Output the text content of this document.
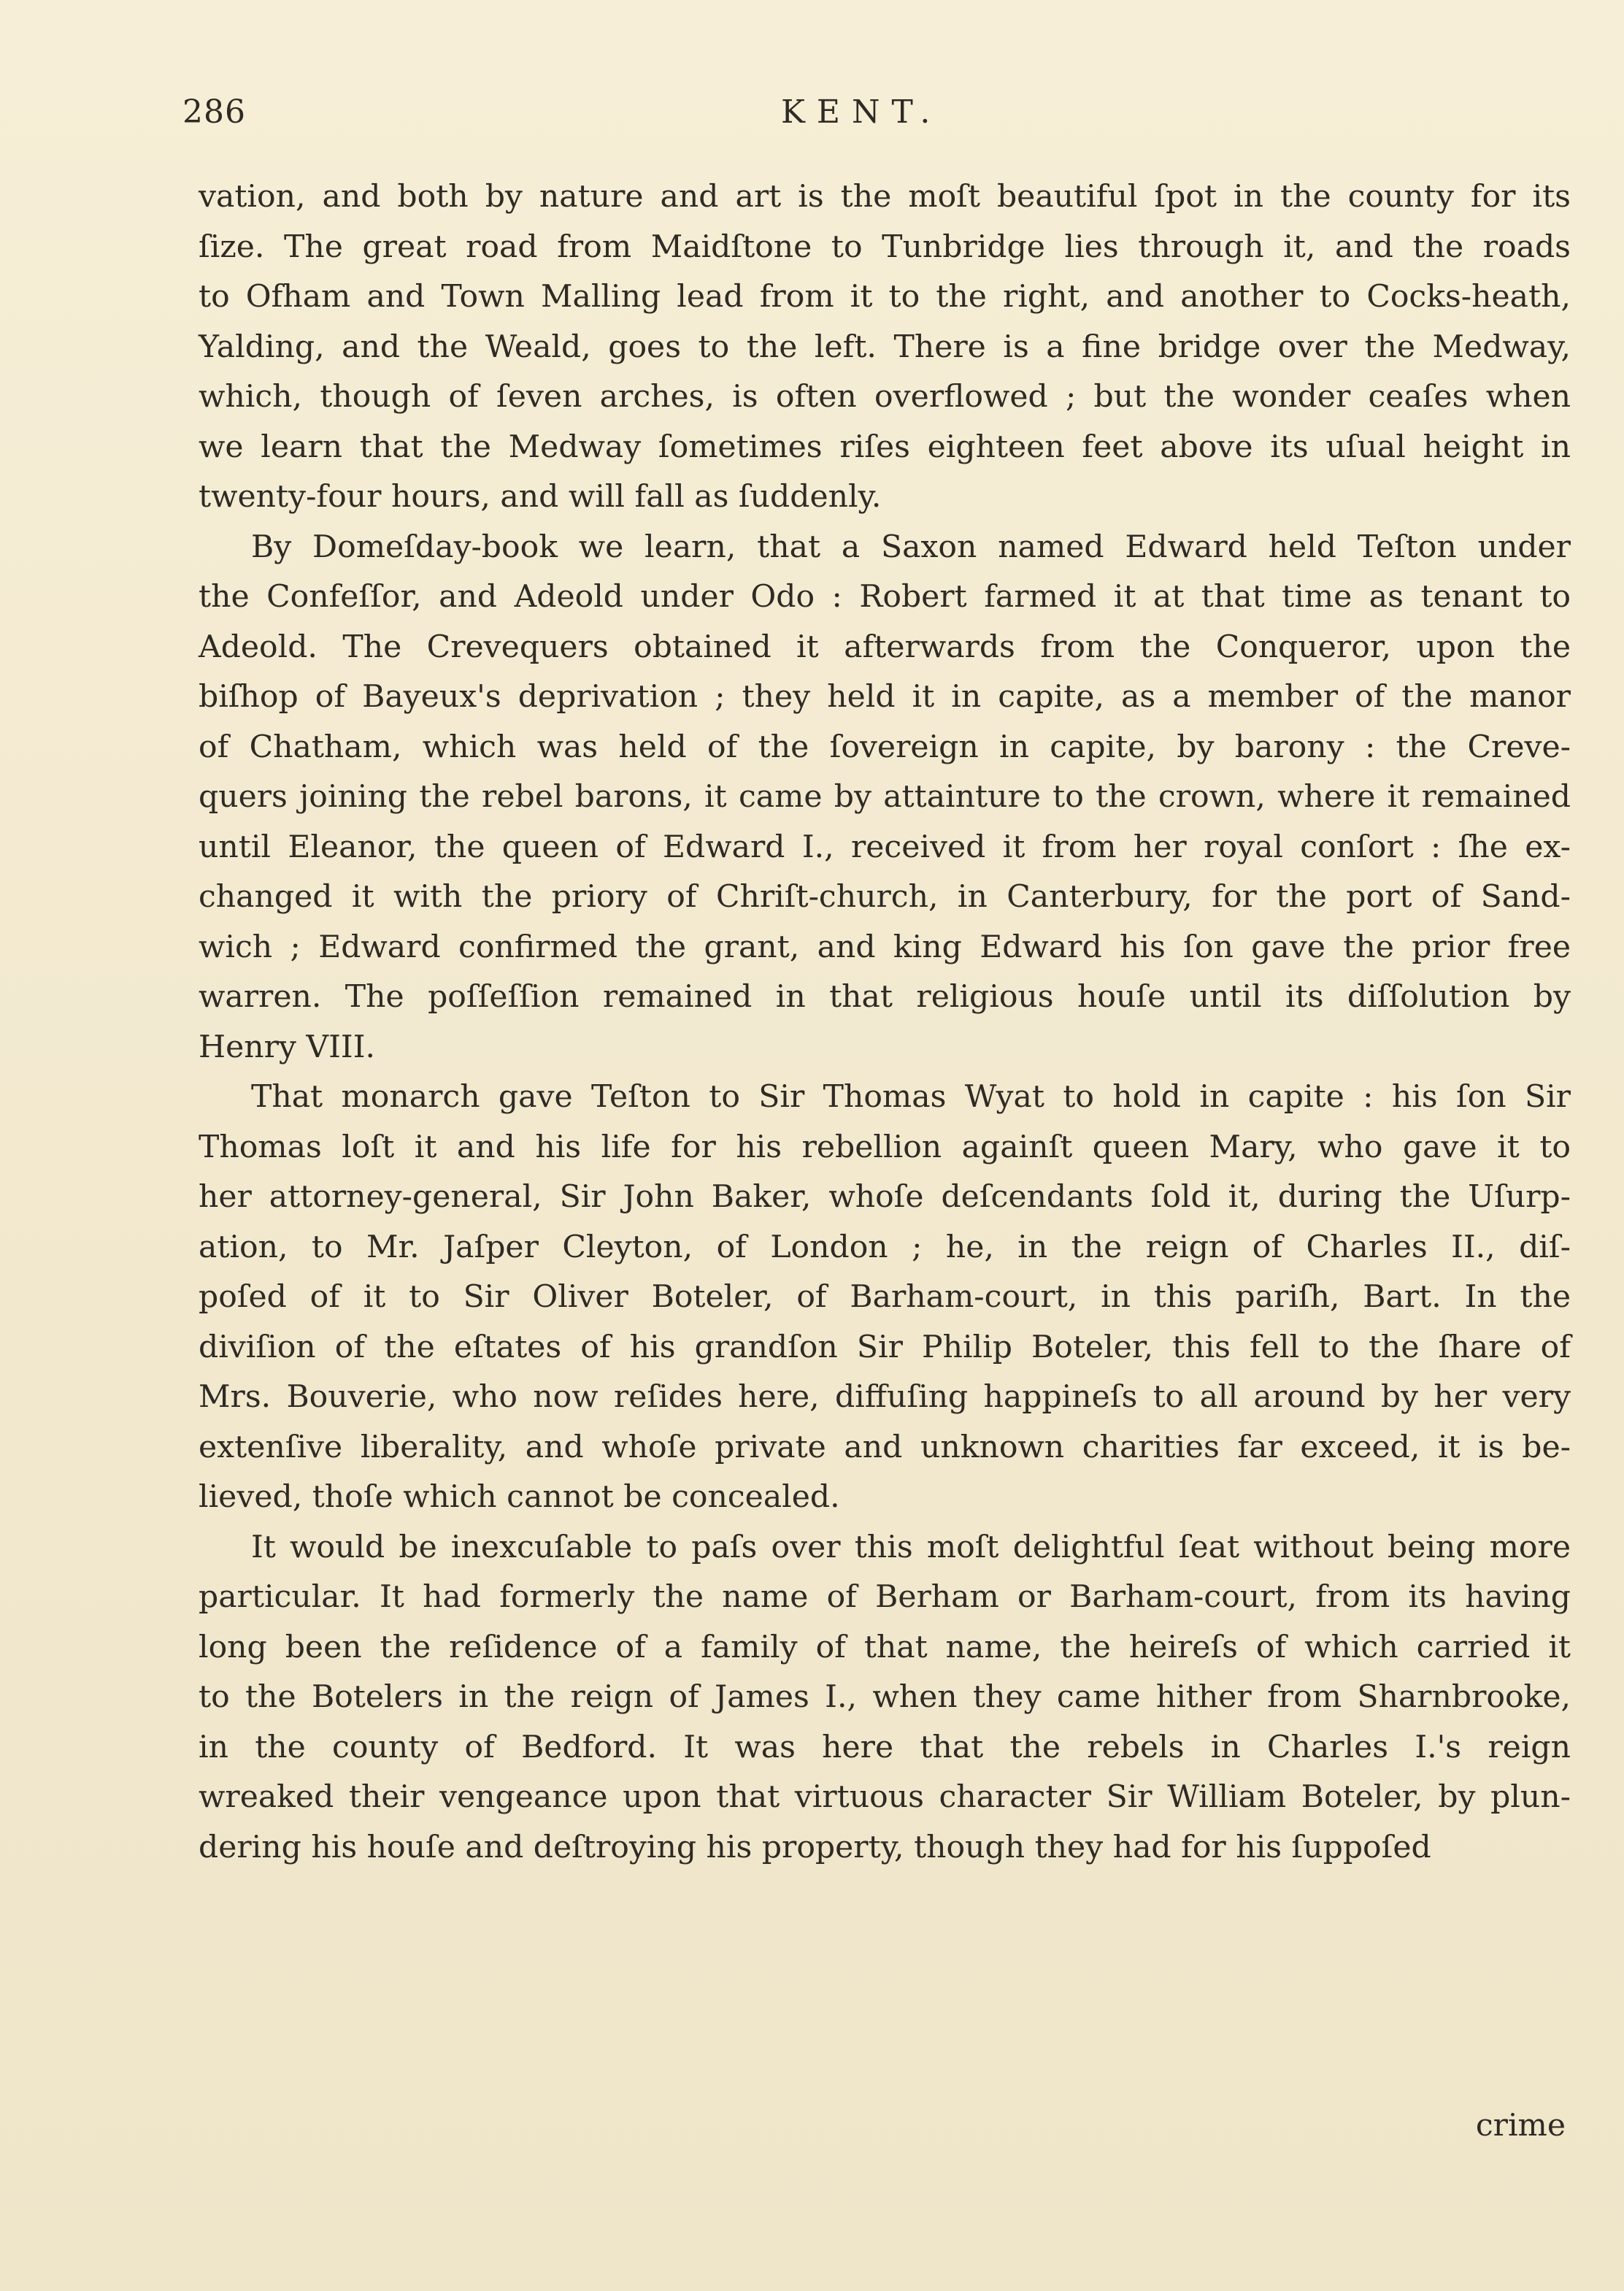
286	KENT.
vation, and both by nature and art is the moſt beautiful ſpot in the county for its
ſize. The great road from Maidſtone to Tunbridge lies through it, and the roads
to Ofham and Town Malling lead from it to the right, and another to Cocks-heath,
Yalding, and the Weald, goes to the left. There is a fine bridge over the Medway,
which, though of ſeven arches, is often overflowed ; but the wonder ceaſes when
we learn that the Medway ſometimes riſes eighteen feet above its uſual height in
twenty-four hours, and will fall as ſuddenly.
By Domeſday-book we learn, that a Saxon named Edward held Teſton under
the Confeſſor, and Adeold under Odo : Robert farmed it at that time as tenant to
Adeold. The Crevequers obtained it afterwards from the Conqueror, upon the
biſhop of Bayeux's deprivation ; they held it in capite, as a member of the manor
of Chatham, which was held of the ſovereign in capite, by barony : the Creve-
quers joining the rebel barons, it came by attainture to the crown, where it remained
until Eleanor, the queen of Edward I., received it from her royal conſort : ſhe ex-
changed it with the priory of Chriſt-church, in Canterbury, for the port of Sand-
wich ; Edward confirmed the grant, and king Edward his ſon gave the prior free
warren. The poſſeſſion remained in that religious houſe until its diſſolution by
Henry VIII.
That monarch gave Teſton to Sir Thomas Wyat to hold in capite : his ſon Sir
Thomas loſt it and his life for his rebellion againſt queen Mary, who gave it to
her attorney-general, Sir John Baker, whoſe deſcendants ſold it, during the Uſurp-
ation, to Mr. Jaſper Cleyton, of London ; he, in the reign of Charles II., diſ-
poſed of it to Sir Oliver Boteler, of Barham-court, in this pariſh, Bart. In the
diviſion of the eſtates of his grandſon Sir Philip Boteler, this fell to the ſhare of
Mrs. Bouverie, who now reſides here, diffuſing happineſs to all around by her very
extenſive liberality, and whoſe private and unknown charities far exceed, it is be-
lieved, thoſe which cannot be concealed.
It would be inexcuſable to paſs over this moſt delightful ſeat without being more
particular. It had formerly the name of Berham or Barham-court, from its having
long been the reſidence of a family of that name, the heireſs of which carried it
to the Botelers in the reign of James I., when they came hither from Sharnbrooke,
in the county of Bedford. It was here that the rebels in Charles I.'s reign
wreaked their vengeance upon that virtuous character Sir William Boteler, by plun-
dering his houſe and deſtroying his property, though they had for his ſuppoſed
crime
